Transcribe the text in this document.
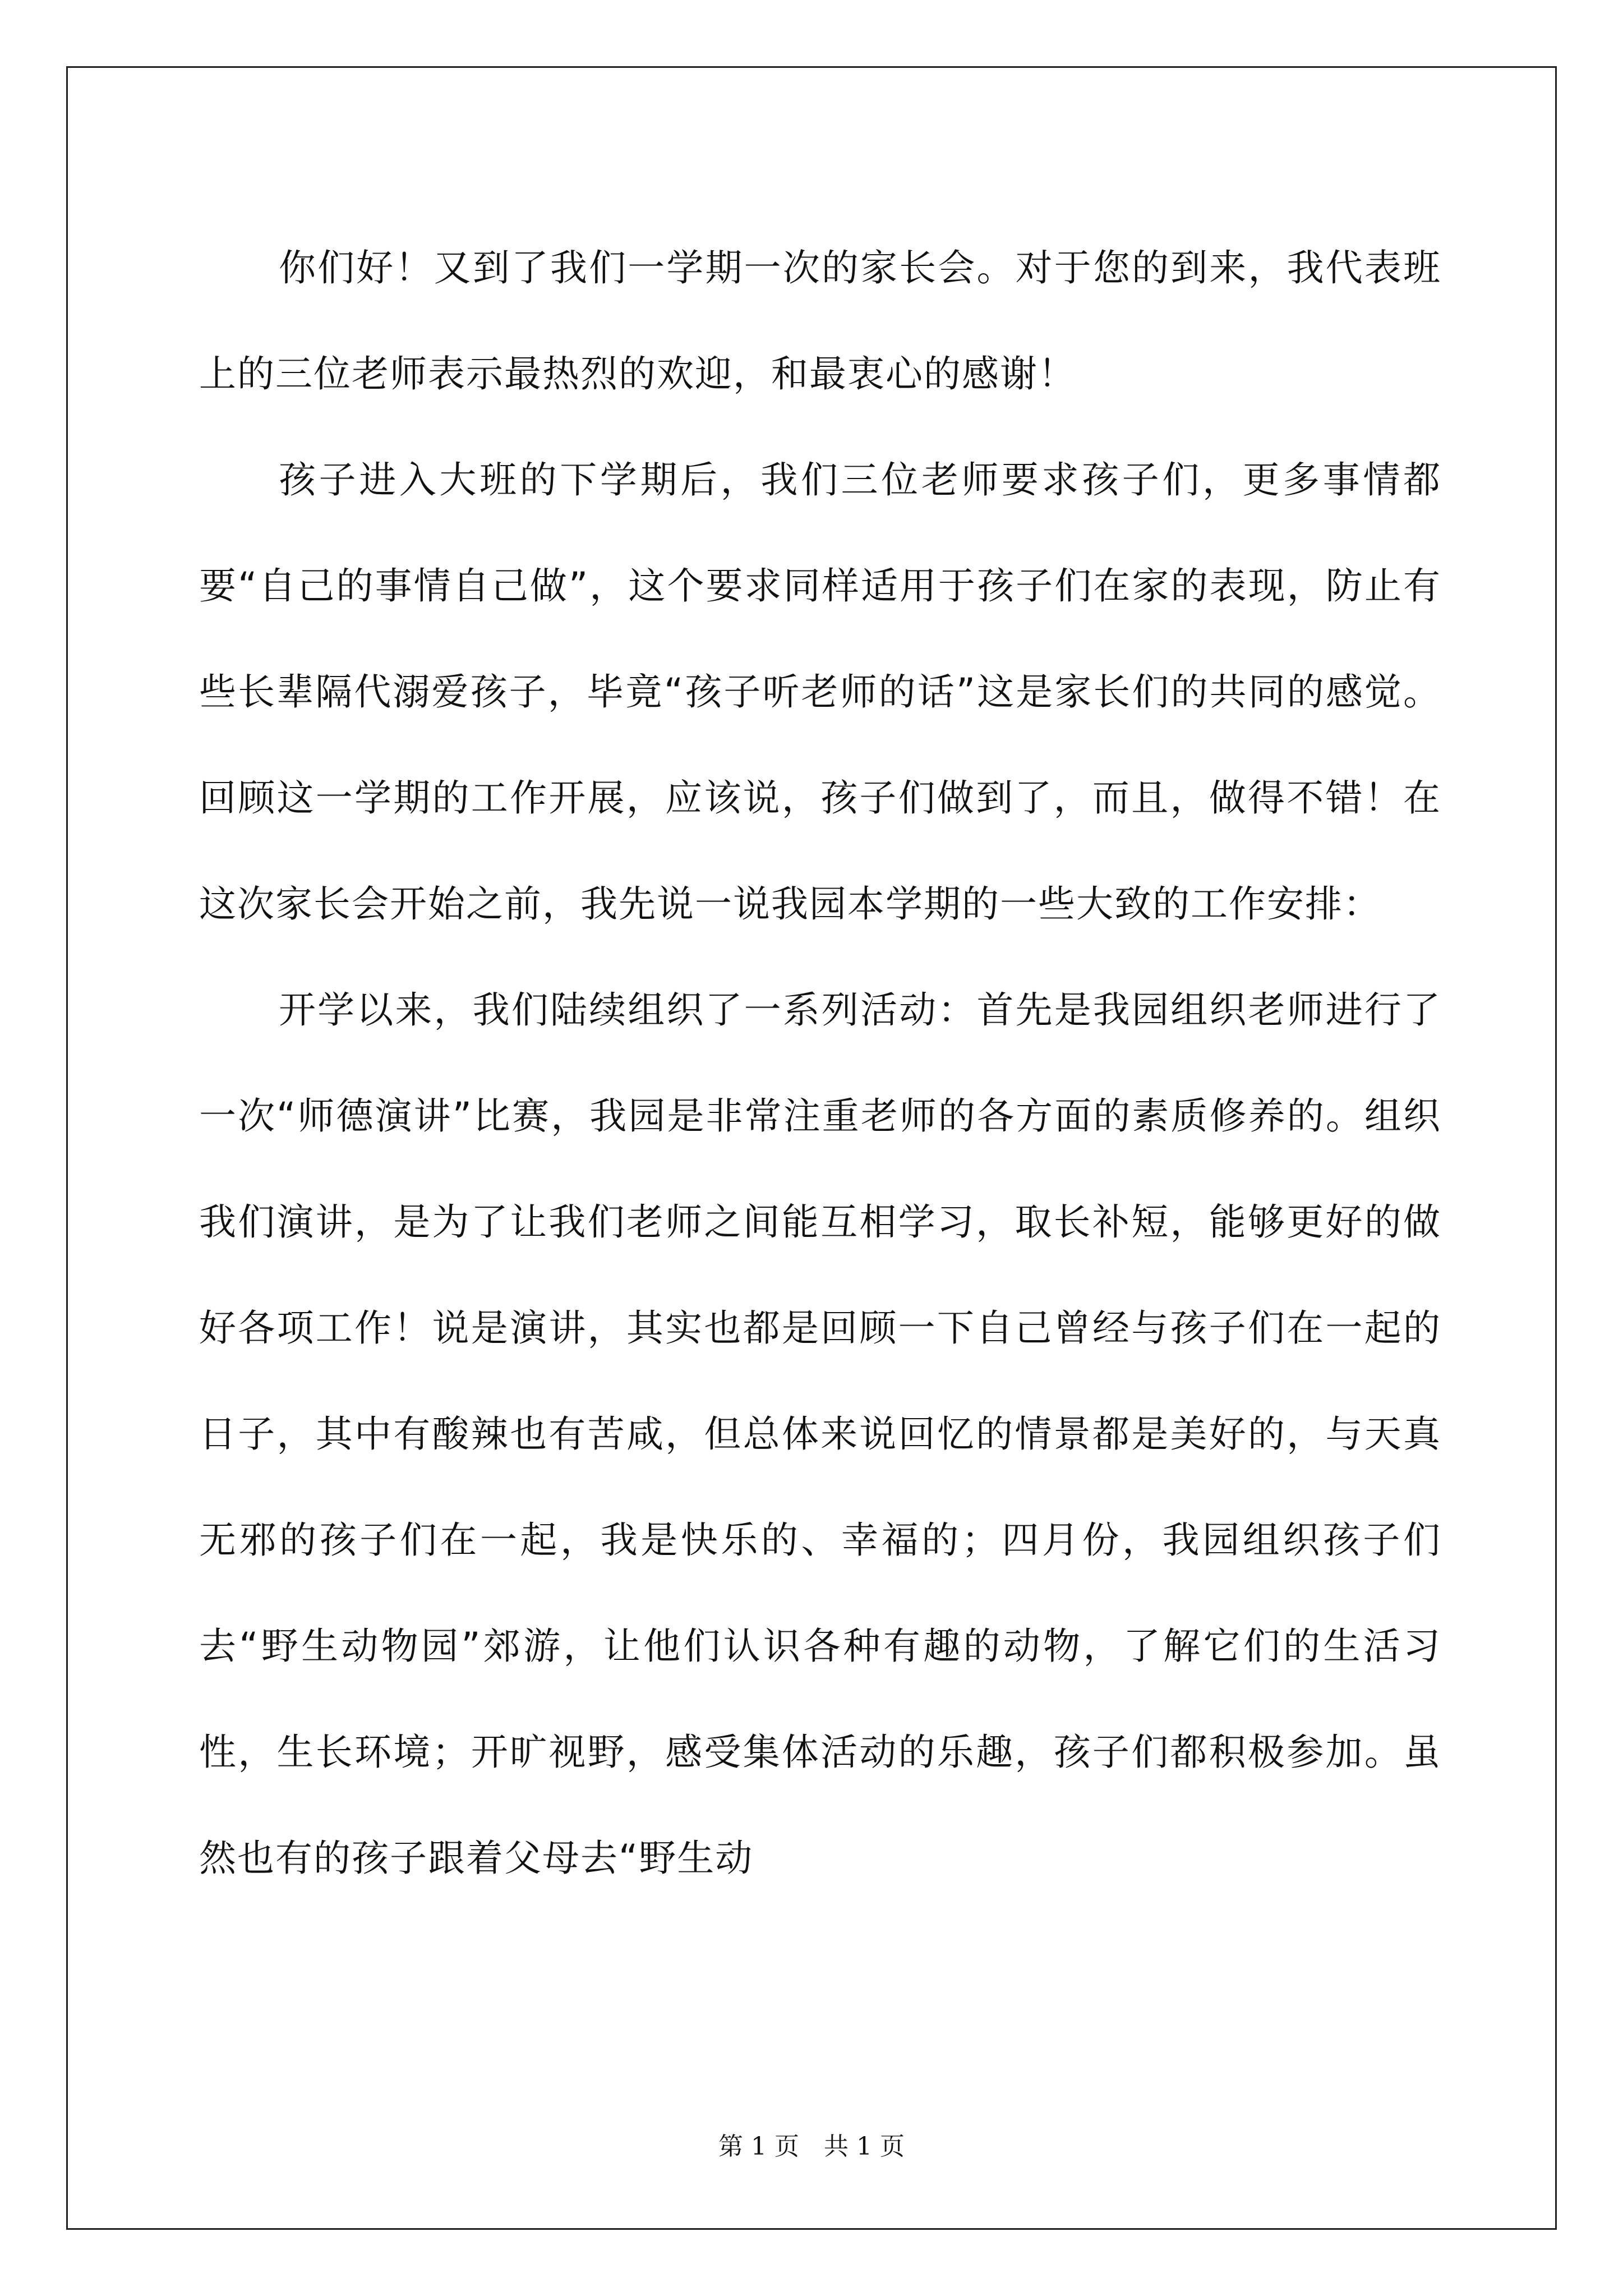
你们好！又到了我们一学期一次的家长会。对于您的到来，我代表班上的三位老师表示最热烈的欢迎，和最衷心的感谢！

孩子进入大班的下学期后，我们三位老师要求孩子们，更多事情都要“自己的事情自己做”，这个要求同样适用于孩子们在家的表现，防止有些长辈隔代溺爱孩子，毕竟“孩子听老师的话”这是家长们的共同的感觉。回顾这一学期的工作开展，应该说，孩子们做到了，而且，做得不错！在这次家长会开始之前，我先说一说我园本学期的一些大致的工作安排：

开学以来，我们陆续组织了一系列活动：首先是我园组织老师进行了一次“师德演讲”比赛，我园是非常注重老师的各方面的素质修养的。组织我们演讲，是为了让我们老师之间能互相学习，取长补短，能够更好的做好各项工作！说是演讲，其实也都是回顾一下自己曾经与孩子们在一起的日子，其中有酸辣也有苦咸，但总体来说回忆的情景都是美好的，与天真无邪的孩子们在一起，我是快乐的、幸福的；四月份，我园组织孩子们去“野生动物园”郊游，让他们认识各种有趣的动物，了解它们的生活习性，生长环境；开旷视野，感受集体活动的乐趣，孩子们都积极参加。虽然也有的孩子跟着父母去“野生动

第 1 页　共 1 页
